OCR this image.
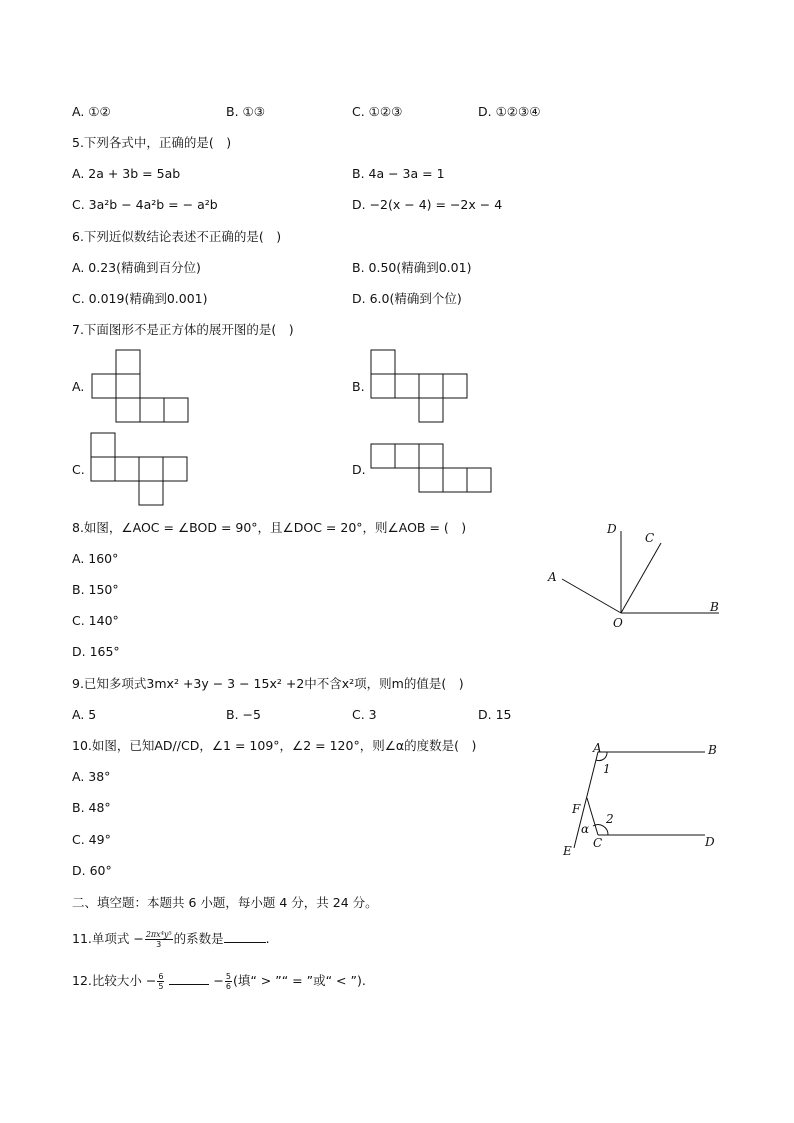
A. ①②	B. ①③	C. ①②③	D. ①②③④
5.下列各式中，正确的是(　)
A. 2a + 3b = 5ab	B. 4a − 3a = 1
C. 3a²b − 4a²b = − a²b	D. −2(x − 4) = −2x − 4
6.下列近似数结论表述不正确的是(　)
A. 0.23(精确到百分位)	B. 0.50(精确到0.01)
C. 0.019(精确到0.001)	D. 6.0(精确到个位)
7.下面图形不是正方体的展开图的是(　)
A.	B.
C.	D.
8.如图，∠AOC = ∠BOD = 90°，且∠DOC = 20°，则∠AOB = (　)
A. 160°
B. 150°
C. 140°
D. 165°
D
C
A
B
O
9.已知多项式3mx² +3y − 3 − 15x² +2中不含x²项，则m的值是(　)
A. 5	B. −5	C. 3	D. 15
10.如图，已知AD//CD，∠1 = 109°，∠2 = 120°，则∠α的度数是(　)
A. 38°
B. 48°
C. 49°
D. 60°
A	B
1
F
2
α
C	D
E
二、填空题：本题共 6 小题，每小题 4 分，共 24 分。
11.单项式 − $\frac{\text{2πx⁴y⁵}}{3}$ 的系数是	.
12.比较大小 − $\frac{6}{5}$	− $\frac{5}{6}$ (填“ > ”“ = ”或“ < ”).
